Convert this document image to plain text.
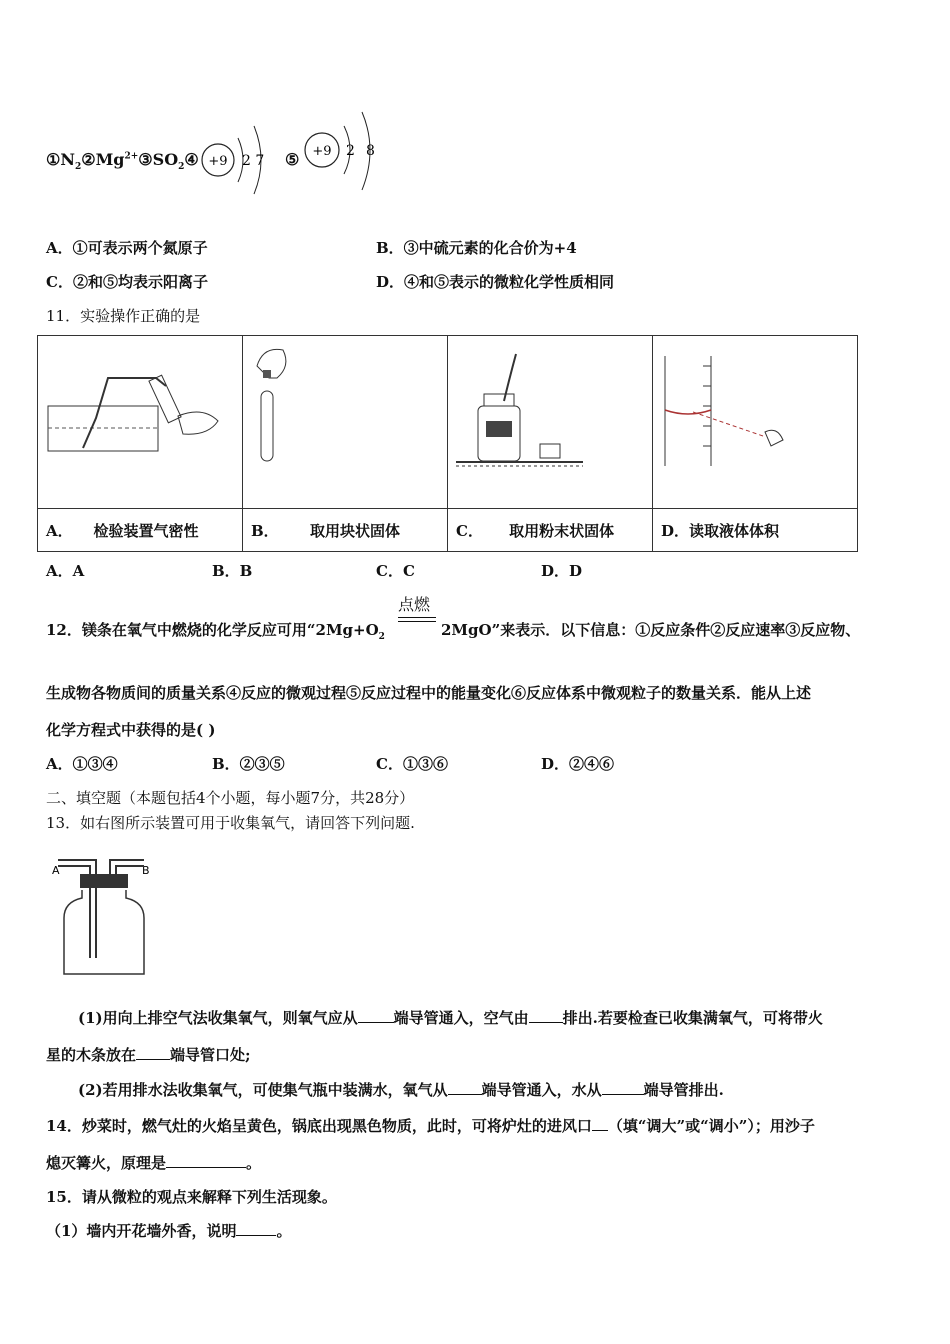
$①N_2②Mg^{2+}③SO_2④ +9$ 2 7 ⑤ +9 2 8
A．①可表示两个氮原子	B．③中硫元素的化合价为+4
C．②和⑤均表示阳离子	D．④和⑤表示的微粒化学性质相同
11．实验操作正确的是

A． 检验装置气密性	B． 取用块状固体	C． 取用粉末状固体	D．读取液体体积
A．A	B．B	C．C	D．D
点燃
12．镁条在氧气中燃烧的化学反应可用“$2Mg+O_2$	2MgO”来表示．以下信息：①反应条件②反应速率③反应物、
生成物各物质间的质量关系④反应的微观过程⑤反应过程中的能量变化⑥反应体系中微观粒子的数量关系．能从上述
化学方程式中获得的是( )
A．①③④	B．②③⑤	C．①③⑥	D．②④⑥
二、填空题（本题包括4个小题，每小题7分，共28分）
13．如右图所示装置可用于收集氧气，请回答下列问题.
A	B
(1)用向上排空气法收集氧气，则氧气应从 端导管通入，空气由 排出.若要检查已收集满氧气，可将带火
星的木条放在 端导管口处;
(2)若用排水法收集氧气，可使集气瓶中装满水，氧气从 端导管通入，水从	端导管排出.
14．炒菜时，燃气灶的火焰呈黄色，锅底出现黑色物质，此时，可将炉灶的进风口 （填“调大”或“调小”）；用沙子
熄灭篝火，原理是	。
15．请从微粒的观点来解释下列生活现象。
（1）墙内开花墙外香，说明	。
